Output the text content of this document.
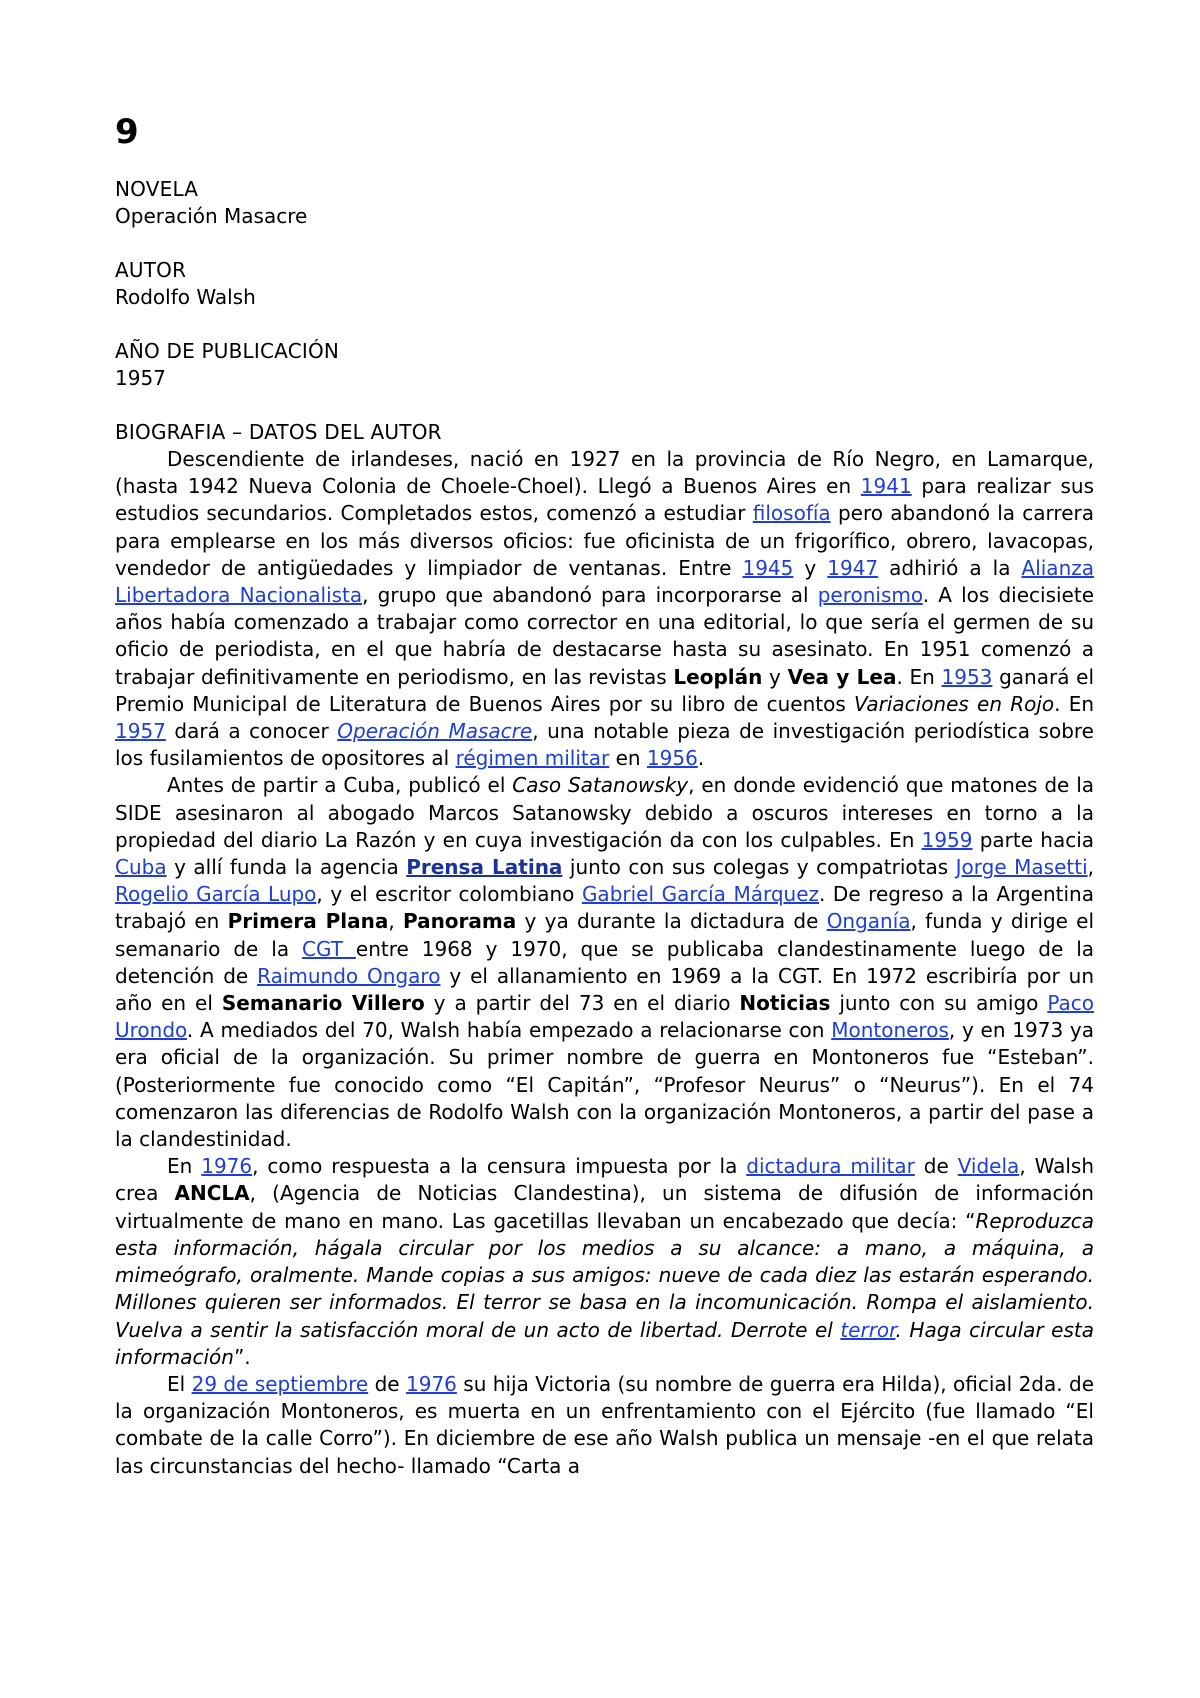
9
NOVELA
Operación Masacre
AUTOR
Rodolfo Walsh
AÑO DE PUBLICACIÓN
1957
BIOGRAFIA – DATOS DEL AUTOR

Descendiente de irlandeses, nació en 1927 en la provincia de Río Negro, en Lamarque, (hasta 1942 Nueva Colonia de Choele-Choel). Llegó a Buenos Aires en 1941 para realizar sus estudios secundarios. Completados estos, comenzó a estudiar filosofía pero abandonó la carrera para emplearse en los más diversos oficios: fue oficinista de un frigorífico, obrero, lavacopas, vendedor de antigüedades y limpiador de ventanas. Entre 1945 y 1947 adhirió a la Alianza Libertadora Nacionalista, grupo que abandonó para incorporarse al peronismo. A los diecisiete años había comenzado a trabajar como corrector en una editorial, lo que sería el germen de su oficio de periodista, en el que habría de destacarse hasta su asesinato. En 1951 comenzó a trabajar definitivamente en periodismo, en las revistas Leoplán y Vea y Lea. En 1953 ganará el Premio Municipal de Literatura de Buenos Aires por su libro de cuentos Variaciones en Rojo. En 1957 dará a conocer Operación Masacre, una notable pieza de investigación periodística sobre los fusilamientos de opositores al régimen militar en 1956.

Antes de partir a Cuba, publicó el Caso Satanowsky, en donde evidenció que matones de la SIDE asesinaron al abogado Marcos Satanowsky debido a oscuros intereses en torno a la propiedad del diario La Razón y en cuya investigación da con los culpables. En 1959 parte hacia Cuba y allí funda la agencia Prensa Latina junto con sus colegas y compatriotas Jorge Masetti, Rogelio García Lupo, y el escritor colombiano Gabriel García Márquez. De regreso a la Argentina trabajó en Primera Plana, Panorama y ya durante la dictadura de Onganía, funda y dirige el semanario de la CGT entre 1968 y 1970, que se publicaba clandestinamente luego de la detención de Raimundo Ongaro y el allanamiento en 1969 a la CGT. En 1972 escribiría por un año en el Semanario Villero y a partir del 73 en el diario Noticias junto con su amigo Paco Urondo. A mediados del 70, Walsh había empezado a relacionarse con Montoneros, y en 1973 ya era oficial de la organización. Su primer nombre de guerra en Montoneros fue “Esteban”. (Posteriormente fue conocido como “El Capitán”, “Profesor Neurus” o “Neurus”). En el 74 comenzaron las diferencias de Rodolfo Walsh con la organización Montoneros, a partir del pase a la clandestinidad.

En 1976, como respuesta a la censura impuesta por la dictadura militar de Videla, Walsh crea ANCLA, (Agencia de Noticias Clandestina), un sistema de difusión de información virtualmente de mano en mano. Las gacetillas llevaban un encabezado que decía: “Reproduzca esta información, hágala circular por los medios a su alcance: a mano, a máquina, a mimeógrafo, oralmente. Mande copias a sus amigos: nueve de cada diez las estarán esperando. Millones quieren ser informados. El terror se basa en la incomunicación. Rompa el aislamiento. Vuelva a sentir la satisfacción moral de un acto de libertad. Derrote el terror. Haga circular esta información”.

El 29 de septiembre de 1976 su hija Victoria (su nombre de guerra era Hilda), oficial 2da. de la organización Montoneros, es muerta en un enfrentamiento con el Ejército (fue llamado “El combate de la calle Corro”). En diciembre de ese año Walsh publica un mensaje -en el que relata las circunstancias del hecho- llamado “Carta a
